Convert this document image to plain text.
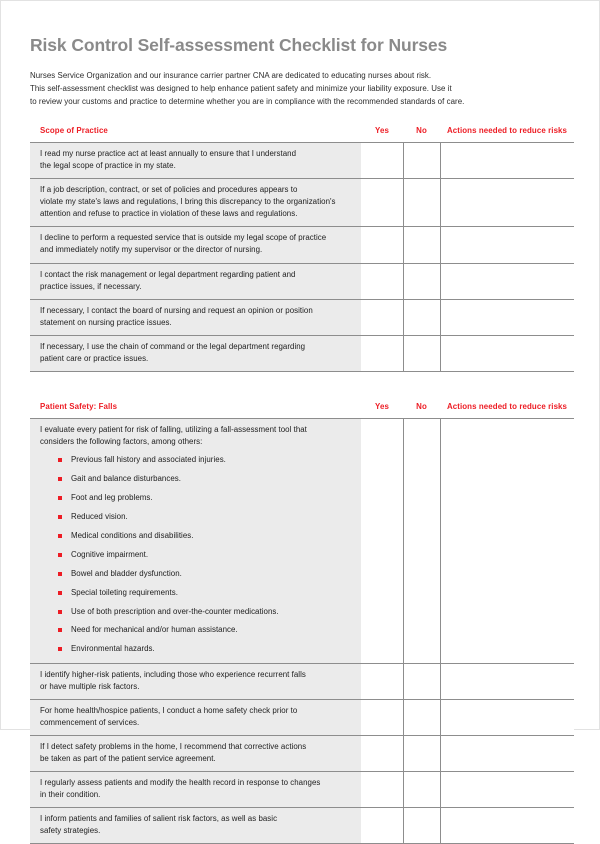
Risk Control Self-assessment Checklist for Nurses
Nurses Service Organization and our insurance carrier partner CNA are dedicated to educating nurses about risk.
This self-assessment checklist was designed to help enhance patient safety and minimize your liability exposure. Use it
to review your customs and practice to determine whether you are in compliance with the recommended standards of care.
Scope of Practice	Yes	No	Actions needed to reduce risks

I read my nurse practice act at least annually to ensure that I understand
the legal scope of practice in my state.			

If a job description, contract, or set of policies and procedures appears to
violate my state's laws and regulations, I bring this discrepancy to the organization's
attention and refuse to practice in violation of these laws and regulations.			

I decline to perform a requested service that is outside my legal scope of practice
and immediately notify my supervisor or the director of nursing.			

I contact the risk management or legal department regarding patient and
practice issues, if necessary.			

If necessary, I contact the board of nursing and request an opinion or position
statement on nursing practice issues.			

If necessary, I use the chain of command or the legal department regarding
patient care or practice issues.			

Patient Safety: Falls	Yes	No	Actions needed to reduce risks

I evaluate every patient for risk of falling, utilizing a fall-assessment tool that
considers the following factors, among others:
Previous fall history and associated injuries.
Gait and balance disturbances.
Foot and leg problems.
Reduced vision.
Medical conditions and disabilities.
Cognitive impairment.
Bowel and bladder dysfunction.
Special toileting requirements.
Use of both prescription and over-the-counter medications.
Need for mechanical and/or human assistance.
Environmental hazards.

I identify higher-risk patients, including those who experience recurrent falls
or have multiple risk factors.			

For home health/hospice patients, I conduct a home safety check prior to
commencement of services.			

If I detect safety problems in the home, I recommend that corrective actions
be taken as part of the patient service agreement.			

I regularly assess patients and modify the health record in response to changes
in their condition.			

I inform patients and families of salient risk factors, as well as basic
safety strategies.			
